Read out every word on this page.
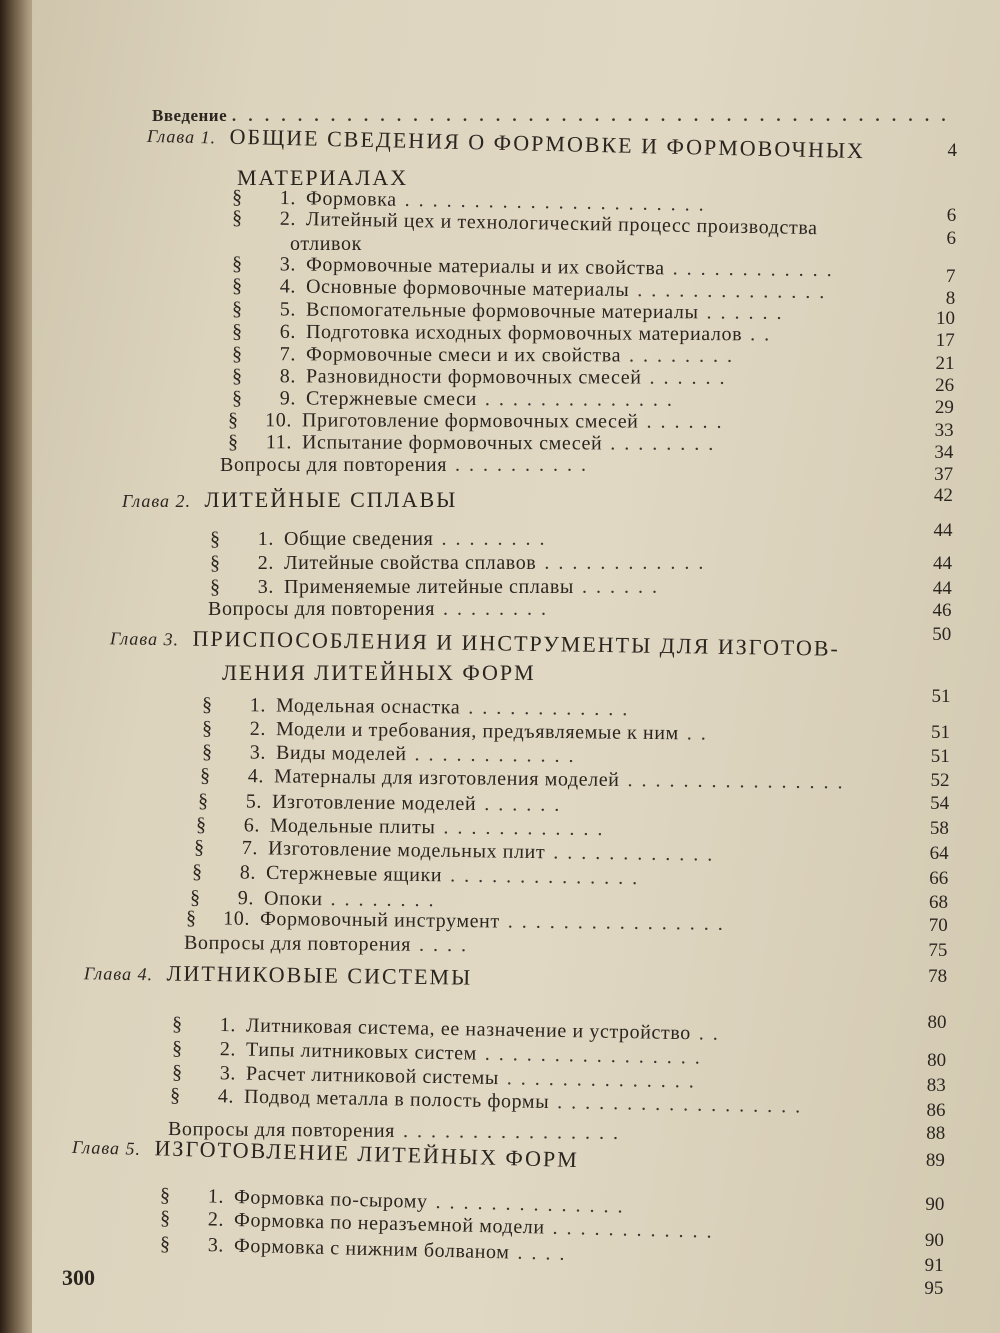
Введение . . . . . . . . . . . . . . . . . . . . . . . . . . . . . . . . . . . . . . . . . . . .
Глава 1. ОБЩИЕ СВЕДЕНИЯ О ФОРМОВКЕ И ФОРМОВОЧНЫХ
МАТЕРИАЛАХ
Глава 2. ЛИТЕЙНЫЕ СПЛАВЫ
Глава 3. ПРИСПОСОБЛЕНИЯ И ИНСТРУМЕНТЫ ДЛЯ ИЗГОТОВ-
ЛЕНИЯ ЛИТЕЙНЫХ ФОРМ
Глава 4. ЛИТНИКОВЫЕ СИСТЕМЫ
Глава 5. ИЗГОТОВЛЕНИЕ ЛИТЕЙНЫХ ФОРМ
§ 1. Формовка ......................
§ 2. Литейный цех и технологический процесс производства
отливок
§ 3. Формовочные материалы и их свойства ............
§ 4. Основные формовочные материалы ..............
§ 5. Вспомогательные формовочные материалы ......
§ 6. Подготовка исходных формовочных материалов ..
§ 7. Формовочные смеси и их свойства ........
§ 8. Разновидности формовочных смесей ......
§ 9. Стержневые смеси ..............
§ 10. Приготовление формовочных смесей ......
§ 11. Испытание формовочных смесей ........
Вопросы для повторения ..........
§ 1. Общие сведения ........
§ 2. Литейные свойства сплавов ............
§ 3. Применяемые литейные сплавы ......
Вопросы для повторения ........
§ 1. Модельная оснастка ............
§ 2. Модели и требования, предъявляемые к ним ..
§ 3. Виды моделей ............
§ 4. Матерналы для изготовления моделей ................
§ 5. Изготовление моделей ......
§ 6. Модельные плиты ............
§ 7. Изготовление модельных плит ............
§ 8. Стержневые ящики ..............
§ 9. Опоки ........
§ 10. Формовочный инструмент ................
Вопросы для повторения ....
§ 1. Литниковая система, ее назначение и устройство ..
§ 2. Типы литниковых систем ................
§ 3. Расчет литниковой системы ..............
§ 4. Подвод металла в полость формы ..................
Вопросы для повторения ................
§ 1. Формовка по-сырому ..............
§ 2. Формовка по неразъемной модели ............
§ 3. Формовка с нижним болваном ....
4
6
6
7
8
10
17
21
26
29
33
34
37
42
44
44
44
46
50
51
51
51
52
54
58
64
66
68
70
75
78
80
80
83
86
88
89
90
90
91
95
300
